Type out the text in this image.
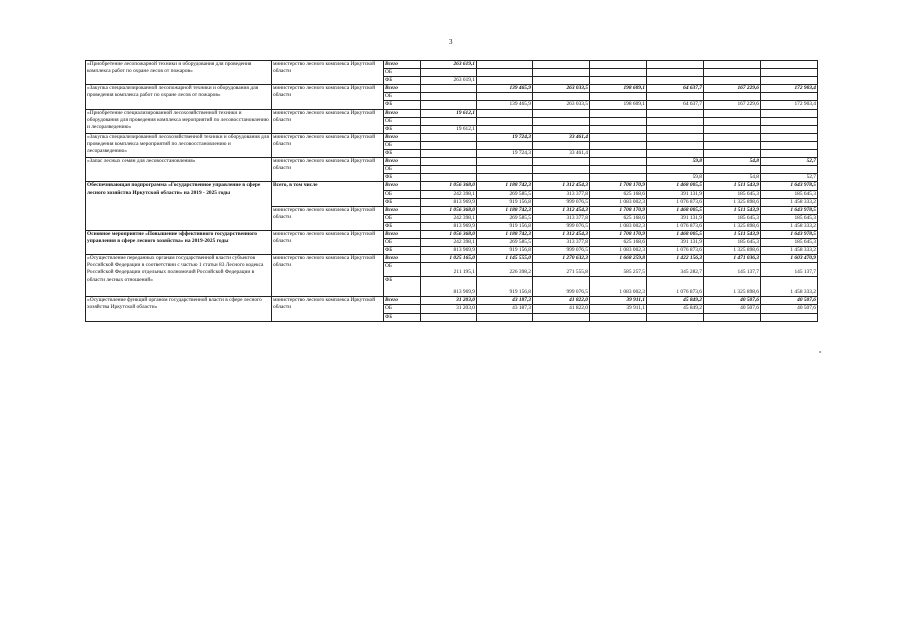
3
«Приобретение лесопожарной техники и оборудования для проведения комплекса работ по охране лесов от пожаров»	министерство лесного комплекса Иркутской области	Всего	263 619,1						
		ОБ							
		ФБ	263 619,1						
«Закупка специализированной лесопожарной техники и оборудования для проведения комплекса работ по охране лесов от пожаров»	министерство лесного комплекса Иркутской области	Всего		139 465,9	263 033,5	198 609,1	64 637,7	167 229,6	172 903,4
		ОБ							
		ФБ		139 465,9	263 033,5	198 609,1	64 637,7	167 229,6	172 903,4
«Приобретение специализированной лесохозяйственной техники и оборудования для проведения комплекса мероприятий по лесовосстановлению и лесоразведению»	министерство лесного комплекса Иркутской области	Всего	19 612,1						
		ОБ							
		ФБ	19 612,1						
«Закупка специализированной лесохозяйственной техники и оборудования для проведения комплекса мероприятий по лесовосстановлению и лесоразведению»	министерство лесного комплекса Иркутской области	Всего		19 724,3	33 461,4				
		ОБ							
		ФБ		19 724,3	33 461,4				
«Запас лесных семян для лесовосстановления»	министерство лесного комплекса Иркутской области	Всего					59,8	54,8	52,7
		ОБ							
		ФБ					59,8	54,8	52,7
Обеспечивающая подпрограмма «Государственное управление в сфере лесного хозяйства Иркутской области» на 2019 - 2025 годы	Всего, в том числе	Всего	1 056 368,0	1 188 742,3	1 312 454,3	1 708 170,9	1 468 005,5	1 511 543,9	1 643 978,5
		ОБ	242 398,1	269 585,5	313 377,8	625 168,6	391 131,9	185 645,3	185 645,3
		ФБ	813 969,9	919 156,8	999 076,5	1 083 002,3	1 076 873,6	1 325 898,6	1 458 333,2
	министерство лесного комплекса Иркутской области	Всего	1 056 368,0	1 188 742,3	1 312 454,3	1 708 170,9	1 468 005,5	1 511 543,9	1 643 978,5
		ОБ	242 398,1	269 585,5	313 377,8	625 168,6	391 131,9	185 645,3	185 645,3
		ФБ	813 969,9	919 156,8	999 076,5	1 083 002,3	1 076 873,6	1 325 898,6	1 458 333,2
Основное мероприятие «Повышение эффективного государственного управления в сфере лесного хозяйства» на 2019-2025 годы	министерство лесного комплекса Иркутской области	Всего	1 056 368,0	1 188 742,3	1 312 454,3	1 708 170,9	1 468 005,5	1 511 543,9	1 643 978,5
		ОБ	242 398,1	269 585,5	313 377,8	625 168,6	391 131,9	185 645,3	185 645,3
		ФБ	813 969,9	919 156,8	999 076,5	1 083 002,3	1 076 873,6	1 325 898,6	1 458 333,2
«Осуществление переданных органам государственной власти субъектов Российской Федерации в соответствии с частью 1 статьи 83 Лесного кодекса Российской Федерации отдельных полномочий Российской Федерации в области лесных отношений»	министерство лесного комплекса Иркутской области	Всего	1 025 165,0	1 145 555,0	1 270 632,3	1 668 259,8	1 422 156,3	1 471 036,3	1 603 470,9
		ОБ	211 195,1	226 398,2	271 555,8	585 257,5	345 282,7	145 137,7	145 137,7
		ФБ	813 969,9	919 156,8	999 076,5	1 083 002,3	1 076 873,6	1 325 898,6	1 458 333,2
«Осуществление функций органом государственной власти в сфере лесного хозяйства Иркутской области»	министерство лесного комплекса Иркутской области	Всего	31 203,0	43 187,3	41 822,0	39 911,1	45 849,2	40 507,6	40 507,6
		ОБ	31 203,0	43 187,3	41 822,0	39 911,1	45 849,2	40 507,6	40 507,6
		ФБ							
»
